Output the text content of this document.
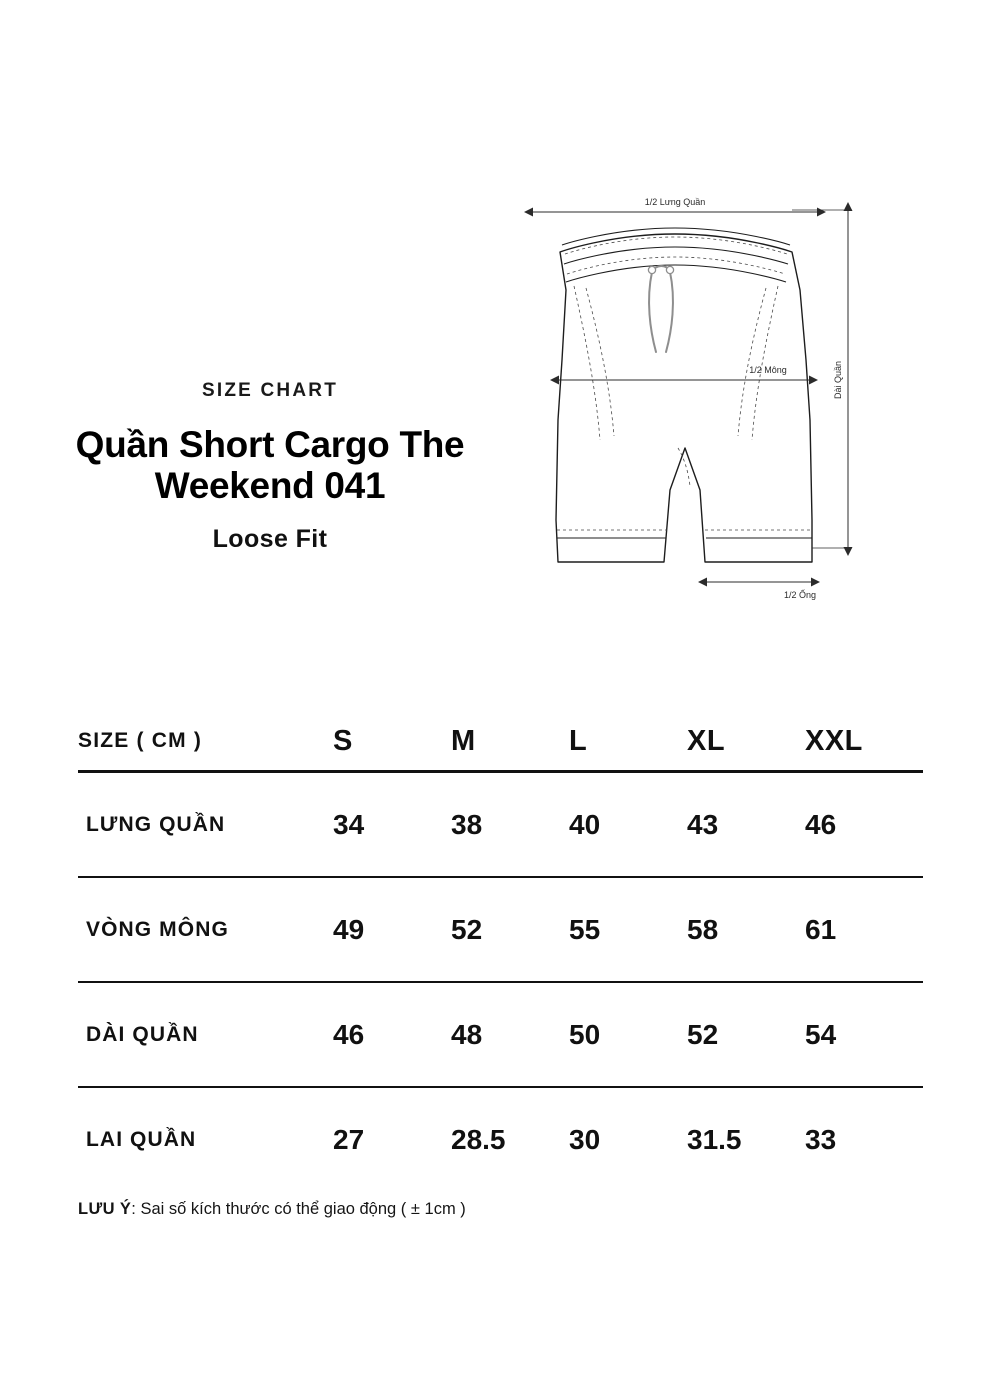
SIZE CHART
Quần Short Cargo The Weekend 041
Loose Fit
1/2 Lưng Quần
1/2 Mông	Dài Quần
1/2 Ống
SIZE ( CM )	S	M	L	XL	XXL
LƯNG QUẦN	34	38	40	43	46
VÒNG MÔNG	49	52	55	58	61
DÀI QUẦN	46	48	50	52	54
LAI QUẦN	27	28.5	30	31.5	33
LƯU Ý: Sai số kích thước có thể giao động ( ± 1cm )
